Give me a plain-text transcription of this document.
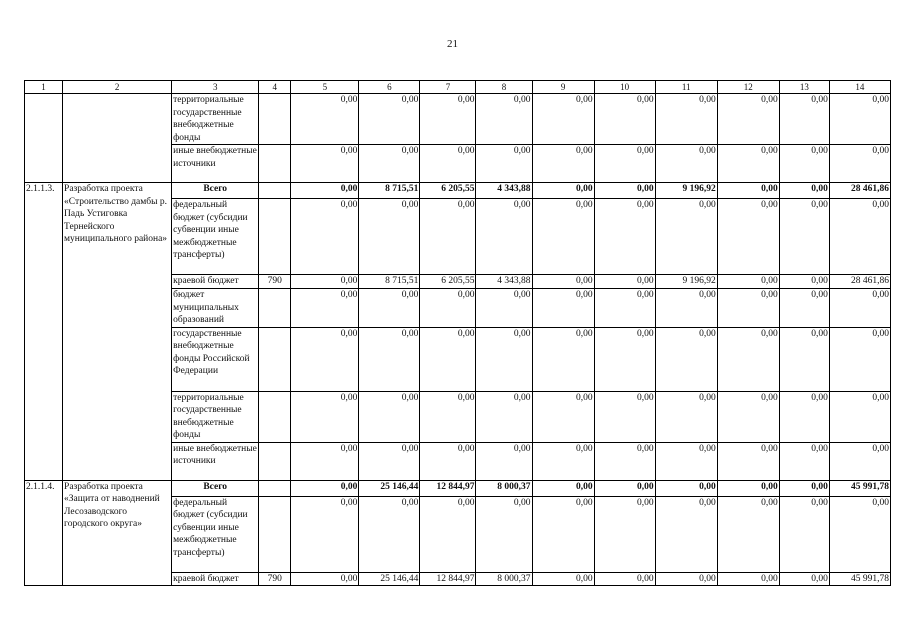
21
1	2	3	4	5	6	7	8	9	10	11	12	13	14
		территориальные государственные внебюджетные фонды		0,00	0,00	0,00	0,00	0,00	0,00	0,00	0,00	0,00	0,00
		иные внебюджетные источники		0,00	0,00	0,00	0,00	0,00	0,00	0,00	0,00	0,00	0,00
2.1.1.3.	Разработка проекта «Строительство дамбы р. Падь Устиговка Тернейского муниципального района»	Всего		0,00	8 715,51	6 205,55	4 343,88	0,00	0,00	9 196,92	0,00	0,00	28 461,86
		федеральный бюджет (субсидии субвенции иные межбюджетные трансферты)		0,00	0,00	0,00	0,00	0,00	0,00	0,00	0,00	0,00	0,00
		краевой бюджет	790	0,00	8 715,51	6 205,55	4 343,88	0,00	0,00	9 196,92	0,00	0,00	28 461,86
		бюджет муниципальных образований		0,00	0,00	0,00	0,00	0,00	0,00	0,00	0,00	0,00	0,00
		государственные внебюджетные фонды Российской Федерации		0,00	0,00	0,00	0,00	0,00	0,00	0,00	0,00	0,00	0,00
		территориальные государственные внебюджетные фонды		0,00	0,00	0,00	0,00	0,00	0,00	0,00	0,00	0,00	0,00
		иные внебюджетные источники		0,00	0,00	0,00	0,00	0,00	0,00	0,00	0,00	0,00	0,00
2.1.1.4.	Разработка проекта «Защита от наводнений Лесозаводского городского округа»	Всего		0,00	25 146,44	12 844,97	8 000,37	0,00	0,00	0,00	0,00	0,00	45 991,78
		федеральный бюджет (субсидии субвенции иные межбюджетные трансферты)		0,00	0,00	0,00	0,00	0,00	0,00	0,00	0,00	0,00	0,00
		краевой бюджет	790	0,00	25 146,44	12 844,97	8 000,37	0,00	0,00	0,00	0,00	0,00	45 991,78
